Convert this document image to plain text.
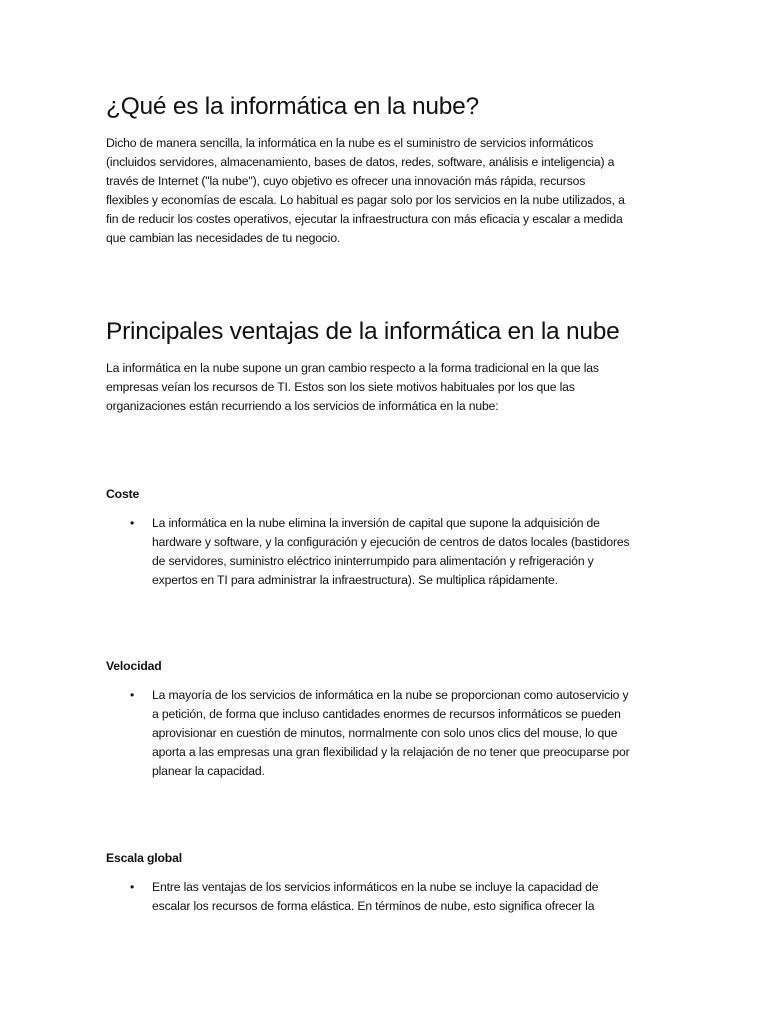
¿Qué es la informática en la nube?
Dicho de manera sencilla, la informática en la nube es el suministro de servicios informáticos
(incluidos servidores, almacenamiento, bases de datos, redes, software, análisis e inteligencia) a
través de Internet ("la nube"), cuyo objetivo es ofrecer una innovación más rápida, recursos
flexibles y economías de escala. Lo habitual es pagar solo por los servicios en la nube utilizados, a
fin de reducir los costes operativos, ejecutar la infraestructura con más eficacia y escalar a medida
que cambian las necesidades de tu negocio.
Principales ventajas de la informática en la nube
La informática en la nube supone un gran cambio respecto a la forma tradicional en la que las
empresas veían los recursos de TI. Estos son los siete motivos habituales por los que las
organizaciones están recurriendo a los servicios de informática en la nube:
Coste
• La informática en la nube elimina la inversión de capital que supone la adquisición de
hardware y software, y la configuración y ejecución de centros de datos locales (bastidores
de servidores, suministro eléctrico ininterrumpido para alimentación y refrigeración y
expertos en TI para administrar la infraestructura). Se multiplica rápidamente.
Velocidad
• La mayoría de los servicios de informática en la nube se proporcionan como autoservicio y
a petición, de forma que incluso cantidades enormes de recursos informáticos se pueden
aprovisionar en cuestión de minutos, normalmente con solo unos clics del mouse, lo que
aporta a las empresas una gran flexibilidad y la relajación de no tener que preocuparse por
planear la capacidad.
Escala global
• Entre las ventajas de los servicios informáticos en la nube se incluye la capacidad de
escalar los recursos de forma elástica. En términos de nube, esto significa ofrecer la
